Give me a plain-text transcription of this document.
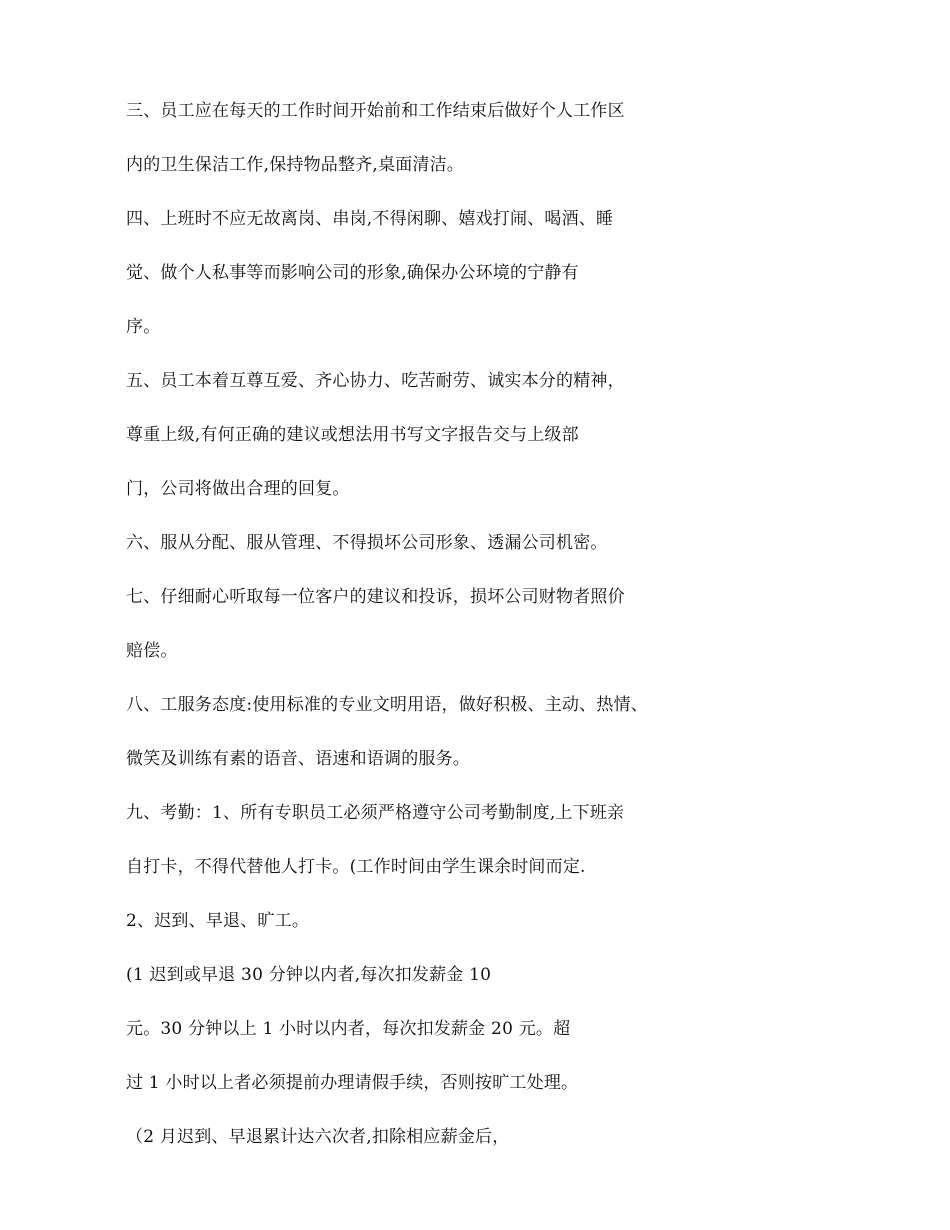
三、员工应在每天的工作时间开始前和工作结束后做好个人工作区
内的卫生保洁工作,保持物品整齐,桌面清洁。
四、上班时不应无故离岗、串岗,不得闲聊、嬉戏打闹、喝酒、睡
觉、做个人私事等而影响公司的形象,确保办公环境的宁静有
序。
五、员工本着互尊互爱、齐心协力、吃苦耐劳、诚实本分的精神，
尊重上级,有何正确的建议或想法用书写文字报告交与上级部
门，公司将做出合理的回复。
六、服从分配、服从管理、不得损坏公司形象、透漏公司机密。
七、仔细耐心听取每一位客户的建议和投诉，损坏公司财物者照价
赔偿。
八、工服务态度:使用标准的专业文明用语，做好积极、主动、热情、
微笑及训练有素的语音、语速和语调的服务。
九、考勤：1、所有专职员工必须严格遵守公司考勤制度,上下班亲
自打卡，不得代替他人打卡。(工作时间由学生课余时间而定.
2、迟到、早退、旷工。
(1 迟到或早退 30 分钟以内者,每次扣发薪金 10
元。30 分钟以上 1 小时以内者，每次扣发薪金 20 元。超
过 1 小时以上者必须提前办理请假手续，否则按旷工处理。
（2 月迟到、早退累计达六次者,扣除相应薪金后，
